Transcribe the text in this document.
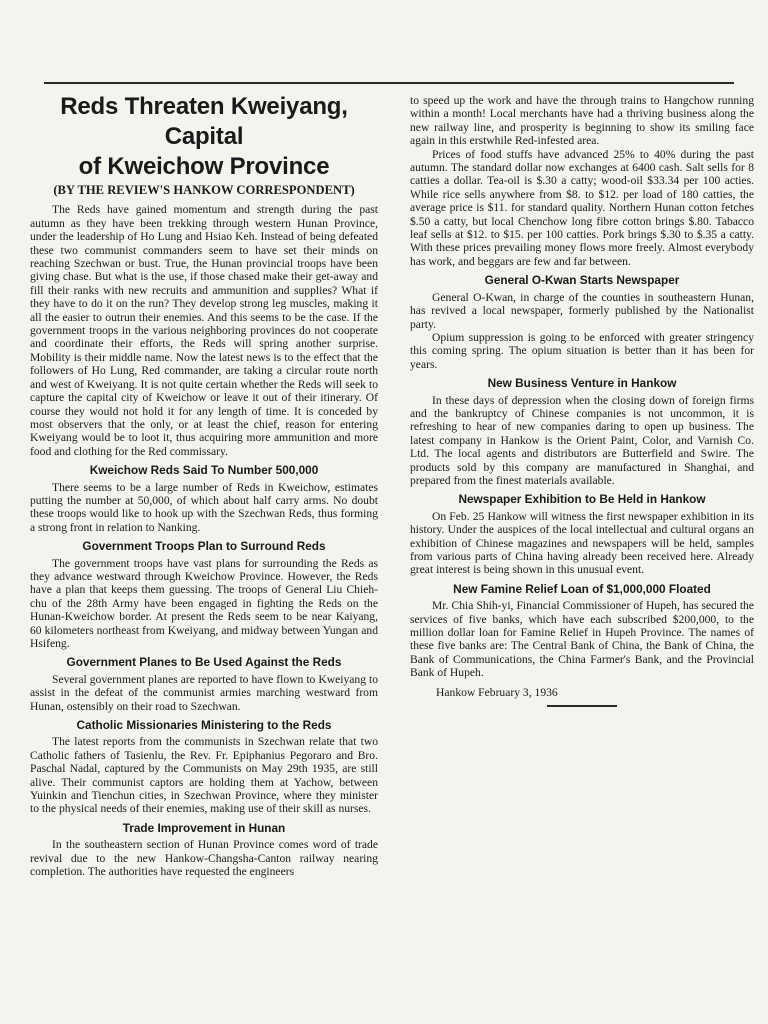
Reds Threaten Kweiyang, Capital
of Kweichow Province
(BY THE REVIEW'S HANKOW CORRESPONDENT)

The Reds have gained momentum and strength during the past autumn as they have been trekking through western Hunan Province, under the leadership of Ho Lung and Hsiao Keh. Instead of being defeated these two communist commanders seem to have set their minds on reaching Szechwan or bust. True, the Hunan provincial troops have been giving chase. But what is the use, if those chased make their get-away and fill their ranks with new recruits and ammunition and supplies? What if they have to do it on the run? They develop strong leg muscles, making it all the easier to outrun their enemies. And this seems to be the case. If the government troops in the various neighboring provinces do not cooperate and coordinate their efforts, the Reds will spring another surprise. Mobility is their middle name. Now the latest news is to the effect that the followers of Ho Lung, Red commander, are taking a circular route north and west of Kweiyang. It is not quite certain whether the Reds will seek to capture the capital city of Kweichow or leave it out of their itinerary. Of course they would not hold it for any length of time. It is conceded by most observers that the only, or at least the chief, reason for entering Kweiyang would be to loot it, thus acquiring more ammunition and more food and clothing for the Red commissary.

Kweichow Reds Said To Number 500,000

There seems to be a large number of Reds in Kweichow, estimates putting the number at 50,000, of which about half carry arms. No doubt these troops would like to hook up with the Szechwan Reds, thus forming a strong front in relation to Nanking.

Government Troops Plan to Surround Reds

The government troops have vast plans for surrounding the Reds as they advance westward through Kweichow Province. However, the Reds have a plan that keeps them guessing. The troops of General Liu Chieh-chu of the 28th Army have been engaged in fighting the Reds on the Hunan-Kweichow border. At present the Reds seem to be near Kaiyang, 60 kilometers northeast from Kweiyang, and midway between Yungan and Hsifeng.

Government Planes to Be Used Against the Reds

Several government planes are reported to have flown to Kweiyang to assist in the defeat of the communist armies marching westward from Hunan, ostensibly on their road to Szechwan.

Catholic Missionaries Ministering to the Reds

The latest reports from the communists in Szechwan relate that two Catholic fathers of Tasienlu, the Rev. Fr. Epiphanius Pegoraro and Bro. Paschal Nadal, captured by the Communists on May 29th 1935, are still alive. Their communist captors are holding them at Yachow, between Yuinkin and Tienchun cities, in Szechwan Province, where they minister to the physical needs of their enemies, making use of their skill as nurses.

Trade Improvement in Hunan

In the southeastern section of Hunan Province comes word of trade revival due to the new Hankow-Changsha-Canton railway nearing completion. The authorities have requested the engineers

to speed up the work and have the through trains to Hangchow running within a month! Local merchants have had a thriving business along the new railway line, and prosperity is beginning to show its smiling face again in this erstwhile Red-infested area.

Prices of food stuffs have advanced 25% to 40% during the past autumn. The standard dollar now exchanges at 6400 cash. Salt sells for 8 catties a dollar. Tea-oil is $.30 a catty; wood-oil $33.34 per 100 acties. While rice sells anywhere from $8. to $12. per load of 180 catties, the average price is $11. for standard quality. Northern Hunan cotton fetches $.50 a catty, but local Chenchow long fibre cotton brings $.80. Tabacco leaf sells at $12. to $15. per 100 catties. Pork brings $.30 to $.35 a catty. With these prices prevailing money flows more freely. Almost everybody has work, and beggars are few and far between.

General O-Kwan Starts Newspaper

General O-Kwan, in charge of the counties in southeastern Hunan, has revived a local newspaper, formerly published by the Nationalist party.

Opium suppression is going to be enforced with greater stringency this coming spring. The opium situation is better than it has been for years.

New Business Venture in Hankow

In these days of depression when the closing down of foreign firms and the bankruptcy of Chinese companies is not uncommon, it is refreshing to hear of new companies daring to open up business. The latest company in Hankow is the Orient Paint, Color, and Varnish Co. Ltd. The local agents and distributors are Butterfield and Swire. The products sold by this company are manufactured in Shanghai, and prepared from the finest materials available.

Newspaper Exhibition to Be Held in Hankow

On Feb. 25 Hankow will witness the first newspaper exhibition in its history. Under the auspices of the local intellectual and cultural organs an exhibition of Chinese magazines and newspapers will be held, samples from various parts of China having already been received here. Already great interest is being shown in this unusual event.

New Famine Relief Loan of $1,000,000 Floated

Mr. Chia Shih-yi, Financial Commissioner of Hupeh, has secured the services of five banks, which have each subscribed $200,000, to the million dollar loan for Famine Relief in Hupeh Province. The names of these five banks are: The Central Bank of China, the Bank of China, the Bank of Communications, the China Farmer's Bank, and the Provincial Bank of Hupeh.

Hankow February 3, 1936
